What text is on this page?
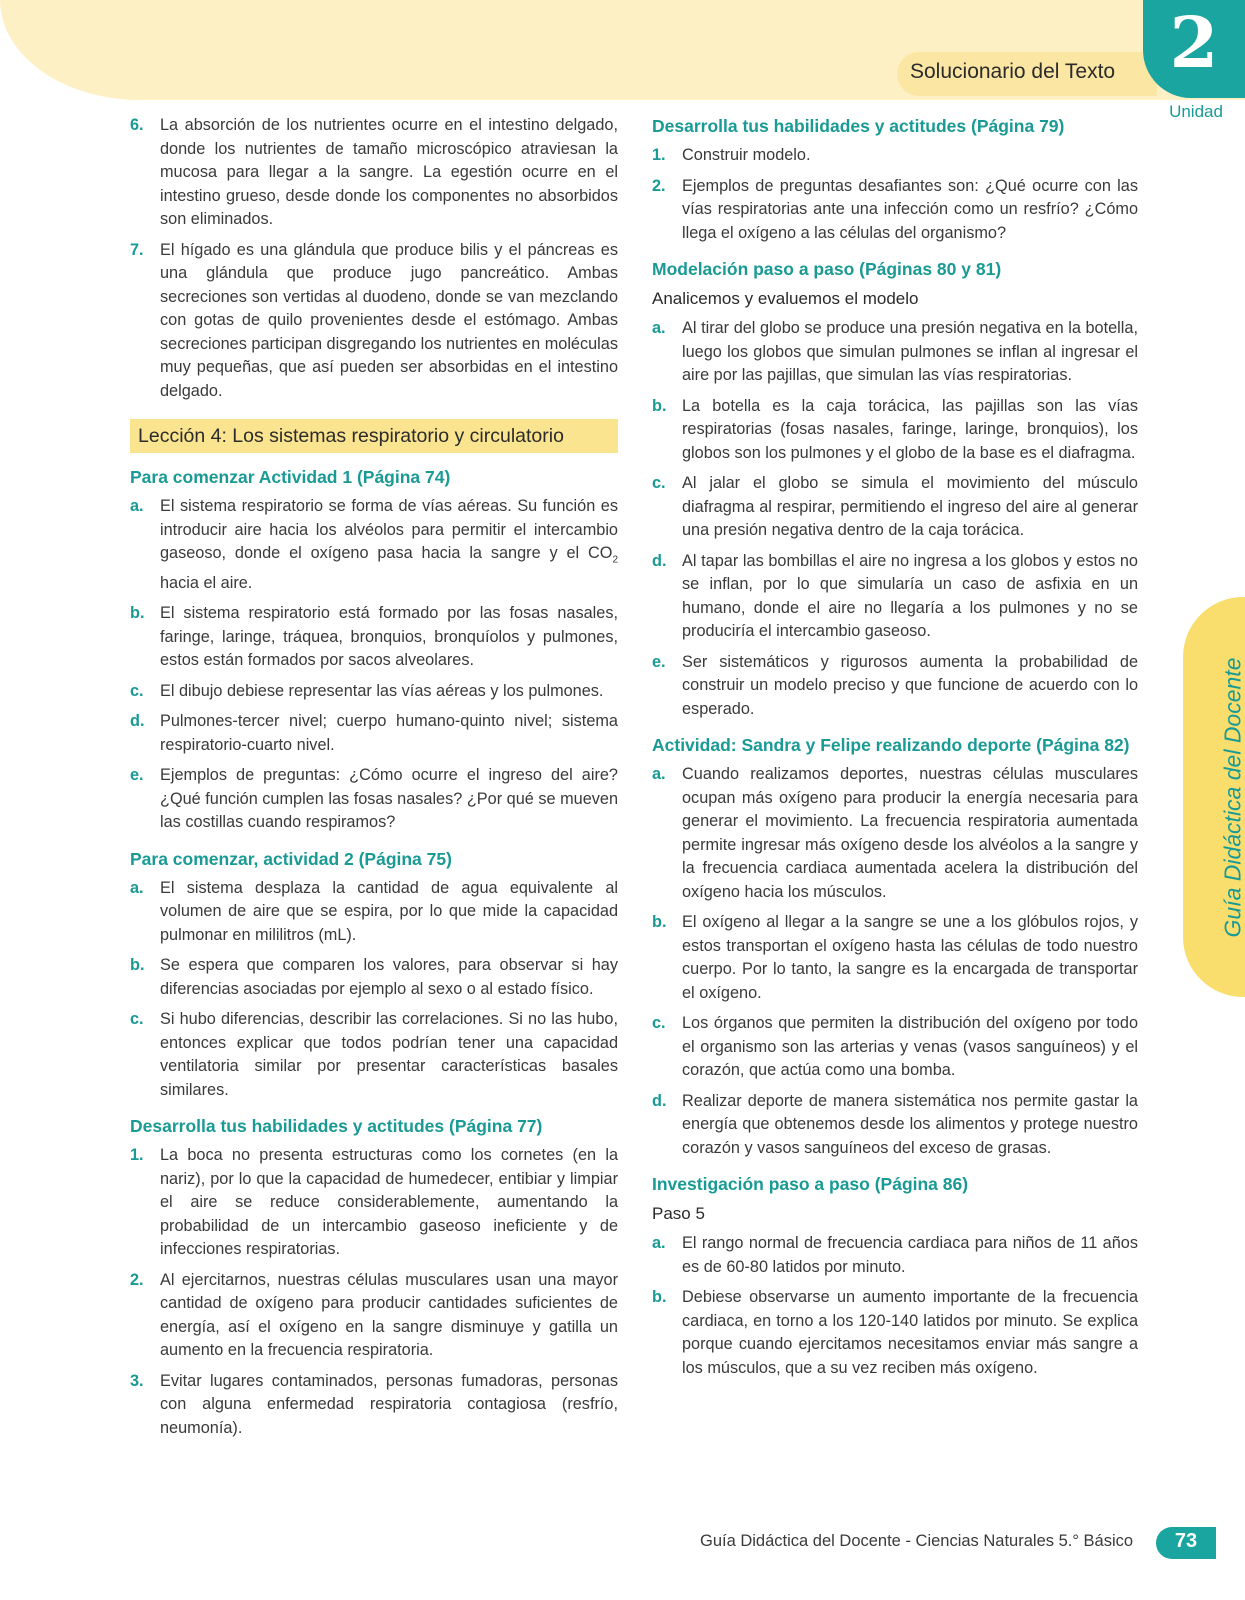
Solucionario del Texto 2
Unidad
Guía Didáctica del Docente
6.	La absorción de los nutrientes ocurre en el intestino delgado, donde los nutrientes de tamaño microscópico atraviesan la mucosa para llegar a la sangre. La egestión ocurre en el intestino grueso, desde donde los componentes no absorbidos son eliminados.
7.	El hígado es una glándula que produce bilis y el páncreas es una glándula que produce jugo pancreático. Ambas secreciones son vertidas al duodeno, donde se van mezclando con gotas de quilo provenientes desde el estómago. Ambas secreciones participan disgregando los nutrientes en moléculas muy pequeñas, que así pueden ser absorbidas en el intestino delgado.
Lección 4: Los sistemas respiratorio y circulatorio
Para comenzar Actividad 1 (Página 74)
a.	El sistema respiratorio se forma de vías aéreas. Su función es introducir aire hacia los alvéolos para permitir el intercambio gaseoso, donde el oxígeno pasa hacia la sangre y el $CO_2$ hacia el aire.
b. El sistema respiratorio está formado por las fosas nasales, faringe, laringe, tráquea, bronquios, bronquíolos y pulmones, estos están formados por sacos alveolares.
c.	El dibujo debiese representar las vías aéreas y los pulmones.
d. Pulmones-tercer nivel; cuerpo humano-quinto nivel; sistema respiratorio-cuarto nivel.
e.	Ejemplos de preguntas: ¿Cómo ocurre el ingreso del aire? ¿Qué función cumplen las fosas nasales? ¿Por qué se mueven las costillas cuando respiramos?
Para comenzar, actividad 2 (Página 75)
a.	El sistema desplaza la cantidad de agua equivalente al volumen de aire que se espira, por lo que mide la capacidad pulmonar en mililitros (mL).
b. Se espera que comparen los valores, para observar si hay diferencias asociadas por ejemplo al sexo o al estado físico.
c.	Si hubo diferencias, describir las correlaciones. Si no las hubo, entonces explicar que todos podrían tener una capacidad ventilatoria similar por presentar características basales similares.
Desarrolla tus habilidades y actitudes (Página 77)
1.	La boca no presenta estructuras como los cornetes (en la nariz), por lo que la capacidad de humedecer, entibiar y limpiar el aire se reduce considerablemente, aumentando la probabilidad de un intercambio gaseoso ineficiente y de infecciones respiratorias.
2.	Al ejercitarnos, nuestras células musculares usan una mayor cantidad de oxígeno para producir cantidades suficientes de energía, así el oxígeno en la sangre disminuye y gatilla un aumento en la frecuencia respiratoria.
3.	Evitar lugares contaminados, personas fumadoras, personas con alguna enfermedad respiratoria contagiosa (resfrío, neumonía).
Desarrolla tus habilidades y actitudes (Página 79)
1.	Construir modelo.
2.	Ejemplos de preguntas desafiantes son: ¿Qué ocurre con las vías respiratorias ante una infección como un resfrío? ¿Cómo llega el oxígeno a las células del organismo?
Modelación paso a paso (Páginas 80 y 81)
Analicemos y evaluemos el modelo
a.	Al tirar del globo se produce una presión negativa en la botella, luego los globos que simulan pulmones se inflan al ingresar el aire por las pajillas, que simulan las vías respiratorias.
b. La botella es la caja torácica, las pajillas son las vías respiratorias (fosas nasales, faringe, laringe, bronquios), los globos son los pulmones y el globo de la base es el diafragma.
c.	Al jalar el globo se simula el movimiento del músculo diafragma al respirar, permitiendo el ingreso del aire al generar una presión negativa dentro de la caja torácica.
d. Al tapar las bombillas el aire no ingresa a los globos y estos no se inflan, por lo que simularía un caso de asfixia en un humano, donde el aire no llegaría a los pulmones y no se produciría el intercambio gaseoso.
e.	Ser sistemáticos y rigurosos aumenta la probabilidad de construir un modelo preciso y que funcione de acuerdo con lo esperado.
Actividad: Sandra y Felipe realizando deporte (Página 82)
a.	Cuando realizamos deportes, nuestras células musculares ocupan más oxígeno para producir la energía necesaria para generar el movimiento. La frecuencia respiratoria aumentada permite ingresar más oxígeno desde los alvéolos a la sangre y la frecuencia cardiaca aumentada acelera la distribución del oxígeno hacia los músculos.
b. El oxígeno al llegar a la sangre se une a los glóbulos rojos, y estos transportan el oxígeno hasta las células de todo nuestro cuerpo. Por lo tanto, la sangre es la encargada de transportar el oxígeno.
c.	Los órganos que permiten la distribución del oxígeno por todo el organismo son las arterias y venas (vasos sanguíneos) y el corazón, que actúa como una bomba.
d. Realizar deporte de manera sistemática nos permite gastar la energía que obtenemos desde los alimentos y protege nuestro corazón y vasos sanguíneos del exceso de grasas.
Investigación paso a paso (Página 86)
Paso 5
a.	El rango normal de frecuencia cardiaca para niños de 11 años es de 60-80 latidos por minuto.
b. Debiese observarse un aumento importante de la frecuencia cardiaca, en torno a los 120-140 latidos por minuto. Se explica porque cuando ejercitamos necesitamos enviar más sangre a los músculos, que a su vez reciben más oxígeno.
Guía Didáctica del Docente - Ciencias Naturales 5.° Básico	73
